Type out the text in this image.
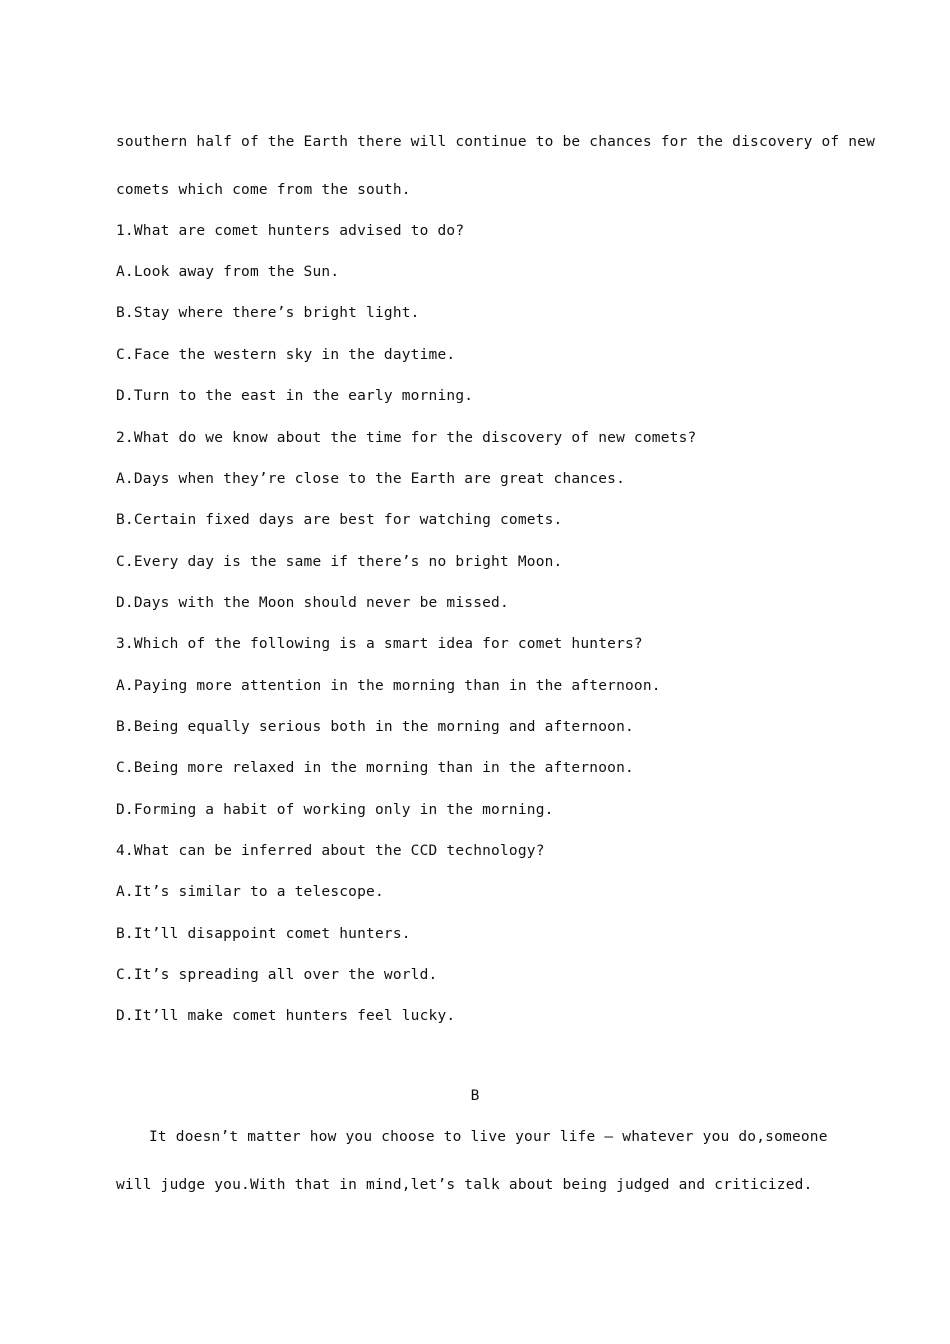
southern half of the Earth there will continue to be chances for the discovery of new
comets which come from the south.
1.What are comet hunters advised to do?
A.Look away from the Sun.
B.Stay where there’s bright light.
C.Face the western sky in the daytime.
D.Turn to the east in the early morning.
2.What do we know about the time for the discovery of new comets?
A.Days when they’re close to the Earth are great chances.
B.Certain fixed days are best for watching comets.
C.Every day is the same if there’s no bright Moon.
D.Days with the Moon should never be missed.
3.Which of the following is a smart idea for comet hunters?
A.Paying more attention in the morning than in the afternoon.
B.Being equally serious both in the morning and afternoon.
C.Being more relaxed in the morning than in the afternoon.
D.Forming a habit of working only in the morning.
4.What can be inferred about the CCD technology?
A.It’s similar to a telescope.
B.It’ll disappoint comet hunters.
C.It’s spreading all over the world.
D.It’ll make comet hunters feel lucky.
B
It doesn’t matter how you choose to live your life — whatever you do,someone
will judge you.With that in mind,let’s talk about being judged and criticized.
